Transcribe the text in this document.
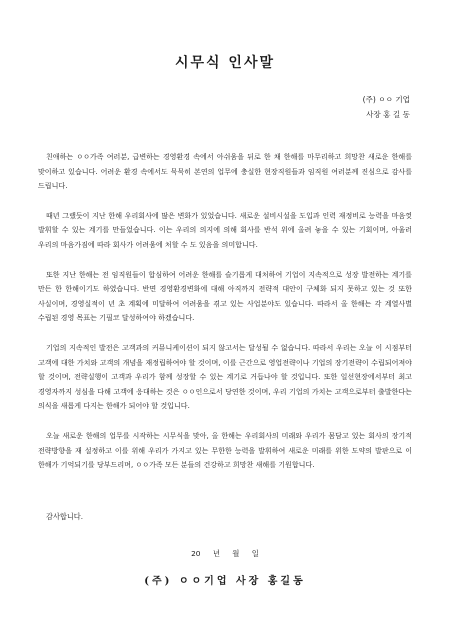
시무식 인사말
(주) ㅇㅇ 기업
사장 홍 길 동

친애하는 ㅇㅇ가족 여러분, 급변하는 경영환경 속에서 아쉬움을 뒤로 한 채 한해를 마무리하고 희망찬 새로운 한해를 맞이하고 있습니다. 어려운 환경 속에서도 묵묵히 본연의 업무에 충실한 현장직원들과 임직원 여러분께 진심으로 감사를 드립니다.

때년 그랬듯이 지난 한해 우리회사에 많은 변화가 있었습니다. 새로운 설비시설을 도입과 인력 재정비로 능력을 마음껏 발휘할 수 있는 계기를 만들었습니다. 이는 우리의 의지에 의해 회사를 반석 위에 올려 놓을 수 있는 기회이며, 아울러 우리의 마음가짐에 따라 회사가 어려움에 처할 수 도 있음을 의미합니다.

또한 지난 한해는 전 임직원들이 합심하여 어려운 한해를 슬기롭게 대처하여 기업이 지속적으로 성장 발전하는 계기를 만든 한 한해이기도 하였습니다. 반면 경영환경변화에 대해 아직까지 전략적 대안이 구체화 되지 못하고 있는 것 또한 사실이며, 경영실적이 년 초 계획에 미달하여 어려움을 겪고 있는 사업분야도 있습니다. 따라서 올 한해는 각 계열사별 수립된 경영 목표는 기필코 달성하여야 하겠습니다.

기업의 지속적인 발전은 고객과의 커뮤니케이션이 되지 않고서는 달성될 수 없습니다. 따라서 우리는 오늘 이 시점부터 고객에 대한 가치와 고객의 개념을 재정립하여야 할 것이며, 이를 근간으로 영업전략이나 기업의 장기전략이 수립되어져야 할 것이며, 전략실행이 고객과 우리가 함께 성장할 수 있는 계기로 거듭나야 할 것입니다. 또한 일선현장에서부터 최고 경영자까지 성심을 다해 고객에 응대하는 것은 ㅇㅇ인으로서 당연한 것이며, 우리 기업의 가치는 고객으로부터 출발한다는 의식을 새롭게 다지는 한해가 되어야 할 것입니다.

오늘 새로운 한해의 업무를 시작하는 시무식을 맞아, 올 한해는 우리회사의 미래와 우리가 몸담고 있는 회사의 장기적 전략방향을 재 설정하고 이를 위해 우리가 가지고 있는 무한한 능력을 발휘하여 새로운 미래를 위한 도약의 발판으로 이 한해가 기억되기를 당부드리며, ㅇㅇ가족 모든 분들의 건강하고 희망찬 새해를 기원합니다.

감사합니다.
20 년 월 일
(주) ㅇㅇ기업 사장 홍길동
